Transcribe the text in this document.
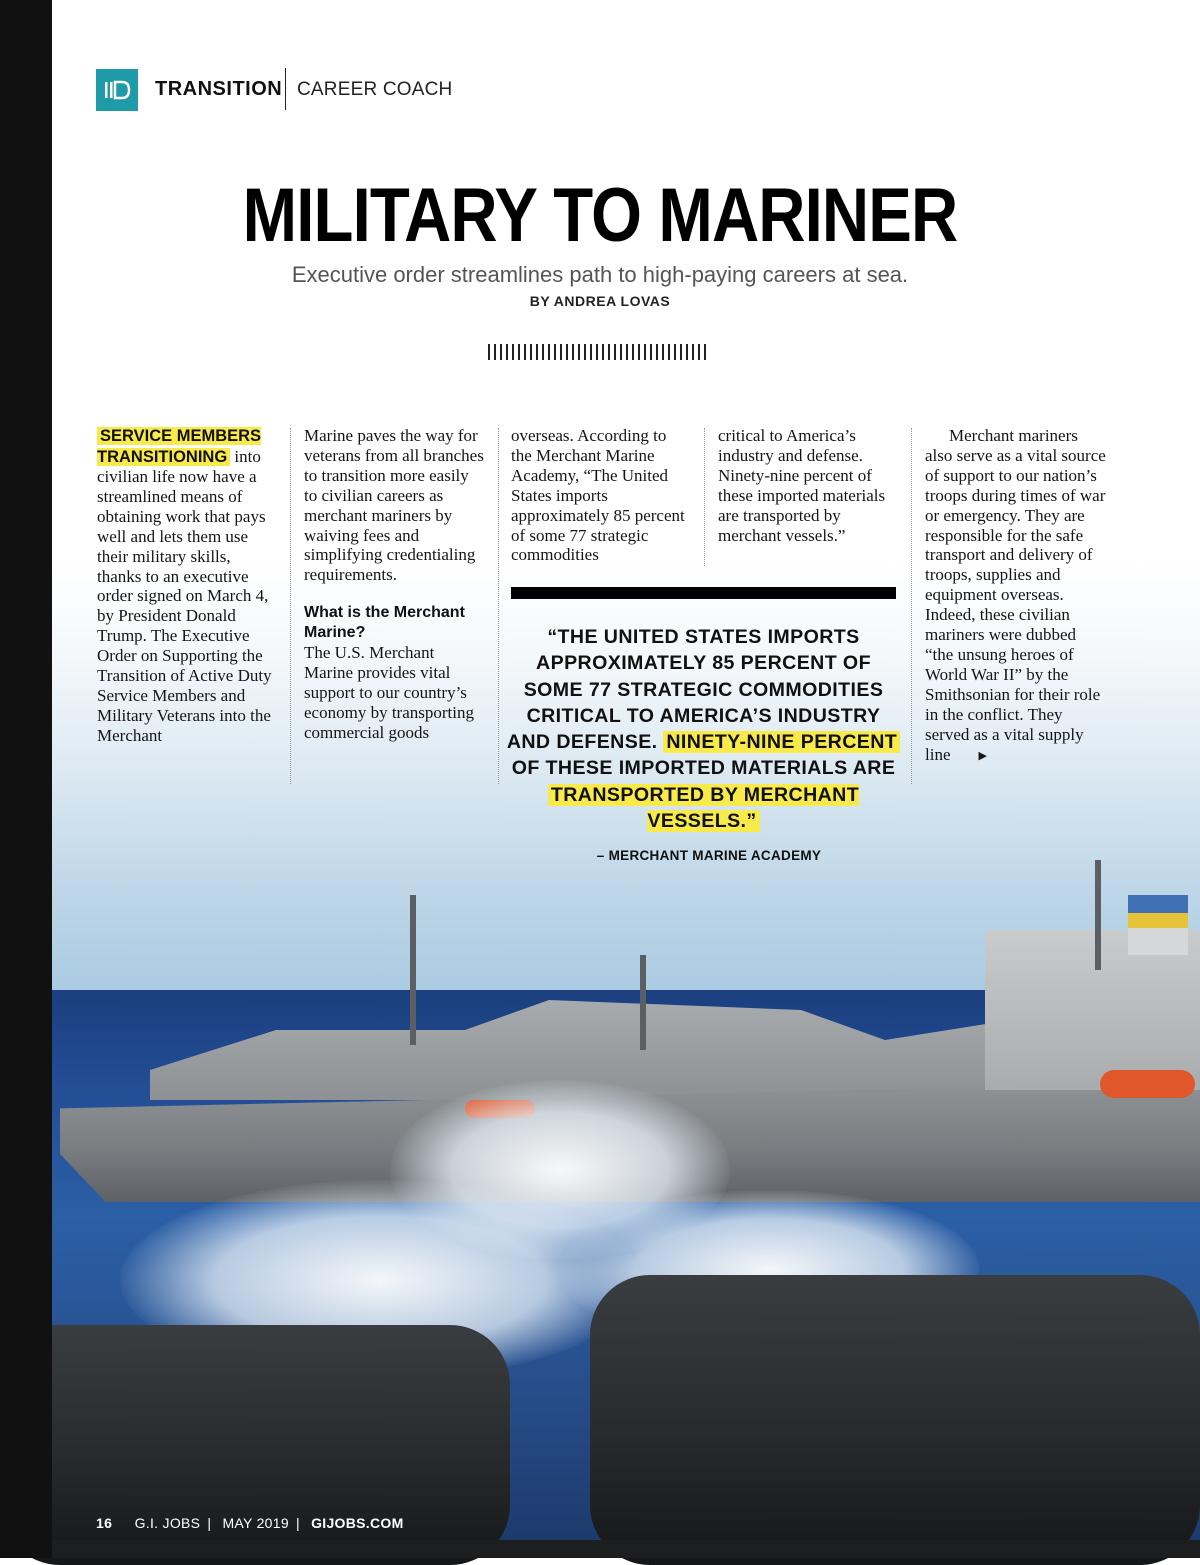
TRANSITION CAREER COACH
MILITARY TO MARINER
Executive order streamlines path to high-paying careers at sea.
BY ANDREA LOVAS

SERVICE MEMBERS TRANSITIONING into civilian life now have a streamlined means of obtaining work that pays well and lets them use their military skills, thanks to an executive order signed on March 4, by President Donald Trump. The Executive Order on Supporting the Transition of Active Duty Service Members and Military Veterans into the Merchant

Marine paves the way for veterans from all branches to transition more easily to civilian careers as merchant mariners by waiving fees and simplifying credentialing requirements.

What is the Merchant Marine?

The U.S. Merchant Marine provides vital support to our country’s economy by transporting commercial goods

overseas. According to the Merchant Marine Academy, “The United States imports approximately 85 percent of some 77 strategic commodities

critical to America’s industry and defense. Ninety-nine percent of these imported materials are transported by merchant vessels.”

Merchant mariners also serve as a vital source of support to our nation’s troops during times of war or emergency. They are responsible for the safe transport and delivery of troops, supplies and equipment overseas. Indeed, these civilian mariners were dubbed “the unsung heroes of World War II” by the Smithsonian for their role in the conflict. They served as a vital supply line	▶

“THE UNITED STATES IMPORTS APPROXIMATELY 85 PERCENT OF SOME 77 STRATEGIC COMMODITIES CRITICAL TO AMERICA’S INDUSTRY AND DEFENSE. NINETY-NINE PERCENT OF THESE IMPORTED MATERIALS ARE TRANSPORTED BY MERCHANT VESSELS.”
– MERCHANT MARINE ACADEMY
16 G.I. JOBS | MAY 2019 | GIJOBS.COM
